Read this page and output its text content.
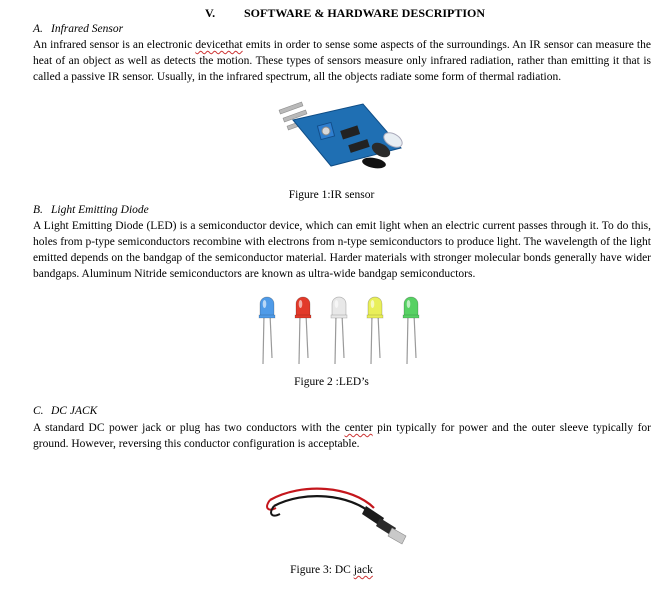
V. SOFTWARE & HARDWARE DESCRIPTION
A. Infrared Sensor
An infrared sensor is an electronic devicethat emits in order to sense some aspects of the surroundings. An IR sensor can measure the heat of an object as well as detects the motion. These types of sensors measure only infrared radiation, rather than emitting it that is called a passive IR sensor. Usually, in the infrared spectrum, all the objects radiate some form of thermal radiation.
Figure 1:IR sensor
B. Light Emitting Diode
A Light Emitting Diode (LED) is a semiconductor device, which can emit light when an electric current passes through it. To do this, holes from p-type semiconductors recombine with electrons from n-type semiconductors to produce light. The wavelength of the light emitted depends on the bandgap of the semiconductor material. Harder materials with stronger molecular bonds generally have wider bandgaps. Aluminum Nitride semiconductors are known as ultra-wide bandgap semiconductors.
Figure 2 :LED’s
C. DC JACK
A standard DC power jack or plug has two conductors with the center pin typically for power and the outer sleeve typically for ground. However, reversing this conductor configuration is acceptable.
Figure 3: DC jack
